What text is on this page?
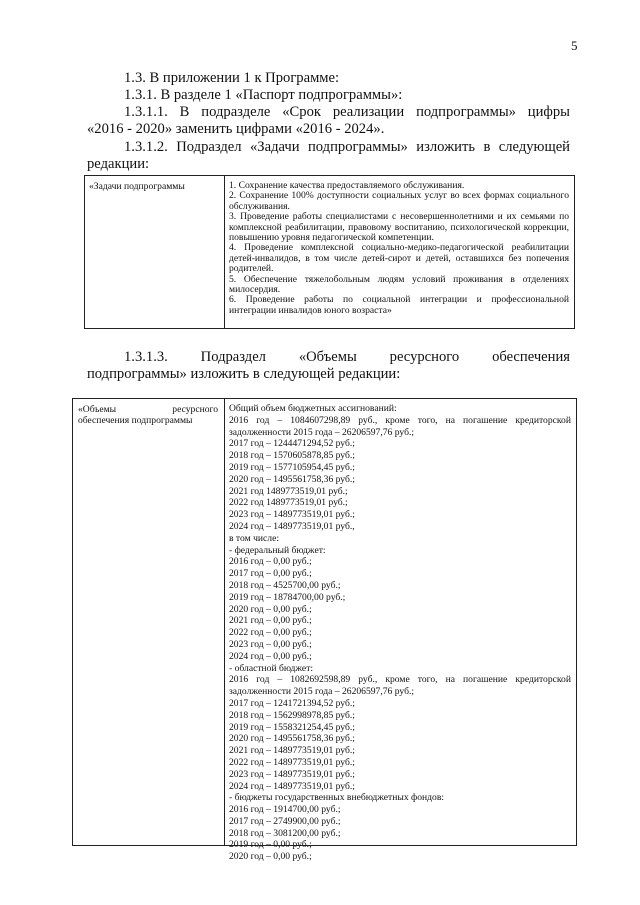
5
1.3. В приложении 1 к Программе:
1.3.1. В разделе 1 «Паспорт подпрограммы»:
1.3.1.1. В подразделе «Срок реализации подпрограммы» цифры
«2016 - 2020» заменить цифрами «2016 - 2024».
1.3.1.2. Подраздел «Задачи подпрограммы» изложить в следующей
редакции:
«Задачи подпрограммы	1. Сохранение качества предоставляемого обслуживания.
2. Сохранение 100% доступности социальных услуг во всех формах социального
обслуживания.
3. Проведение работы специалистами с несовершеннолетними и их семьями по
комплексной реабилитации, правовому воспитанию, психологической коррекции,
повышению уровня педагогической компетенции.
4. Проведение комплексной социально-медико-педагогической реабилитации
детей-инвалидов, в том числе детей-сирот и детей, оставшихся без попечения
родителей.
5. Обеспечение тяжелобольным людям условий проживания в отделениях
милосердия.
6. Проведение работы по социальной интеграции и профессиональной
интеграции инвалидов юного возраста»
1.3.1.3. Подраздел «Объемы ресурсного обеспечения
подпрограммы» изложить в следующей редакции:
«Объемы ресурсного
обеспечения подпрограммы
Общий объем бюджетных ассигнований:
2016 год – 1084607298,89 руб., кроме того, на погашение кредиторской
задолженности 2015 года – 26206597,76 руб.;
2017 год – 1244471294,52 руб.;
2018 год – 1570605878,85 руб.;
2019 год – 1577105954,45 руб.;
2020 год – 1495561758,36 руб.;
2021 год 1489773519,01 руб.;
2022 год 1489773519,01 руб.;
2023 год – 1489773519,01 руб.;
2024 год – 1489773519,01 руб.,
в том числе:
- федеральный бюджет:
2016 год – 0,00 руб.;
2017 год – 0,00 руб.;
2018 год – 4525700,00 руб.;
2019 год – 18784700,00 руб.;
2020 год – 0,00 руб.;
2021 год – 0,00 руб.;
2022 год – 0,00 руб.;
2023 год – 0,00 руб.;
2024 год – 0,00 руб.;
- областной бюджет:
2016 год – 1082692598,89 руб., кроме того, на погашение кредиторской
задолженности 2015 года – 26206597,76 руб.;
2017 год – 1241721394,52 руб.;
2018 год – 1562998978,85 руб.;
2019 год – 1558321254,45 руб.;
2020 год – 1495561758,36 руб.;
2021 год – 1489773519,01 руб.;
2022 год – 1489773519,01 руб.;
2023 год – 1489773519,01 руб.;
2024 год – 1489773519,01 руб.;
- бюджеты государственных внебюджетных фондов:
2016 год – 1914700,00 руб.;
2017 год – 2749900,00 руб.;
2018 год – 3081200,00 руб.;
2019 год – 0,00 руб.;
2020 год – 0,00 руб.;
